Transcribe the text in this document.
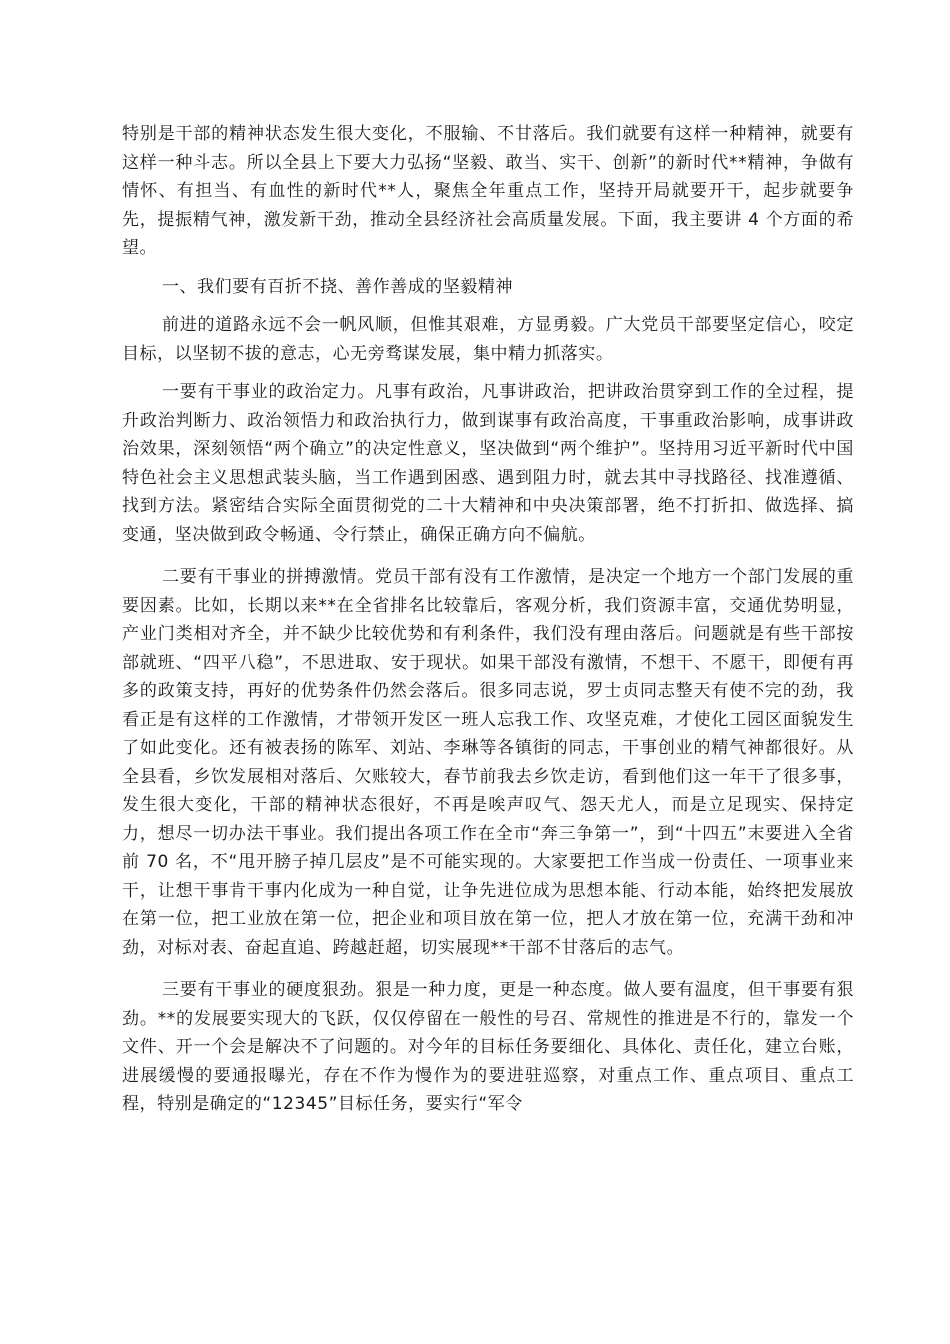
特别是干部的精神状态发生很大变化，不服输、不甘落后。我们就要有这样一种精神，就要有这样一种斗志。所以全县上下要大力弘扬“坚毅、敢当、实干、创新”的新时代**精神，争做有情怀、有担当、有血性的新时代**人，聚焦全年重点工作，坚持开局就要开干，起步就要争先，提振精气神，激发新干劲，推动全县经济社会高质量发展。下面，我主要讲 4 个方面的希望。

一、我们要有百折不挠、善作善成的坚毅精神

前进的道路永远不会一帆风顺，但惟其艰难，方显勇毅。广大党员干部要坚定信心，咬定目标，以坚韧不拔的意志，心无旁骛谋发展，集中精力抓落实。

一要有干事业的政治定力。凡事有政治，凡事讲政治，把讲政治贯穿到工作的全过程，提升政治判断力、政治领悟力和政治执行力，做到谋事有政治高度，干事重政治影响，成事讲政治效果，深刻领悟“两个确立”的决定性意义，坚决做到“两个维护”。坚持用习近平新时代中国特色社会主义思想武装头脑，当工作遇到困惑、遇到阻力时，就去其中寻找路径、找准遵循、找到方法。紧密结合实际全面贯彻党的二十大精神和中央决策部署，绝不打折扣、做选择、搞变通，坚决做到政令畅通、令行禁止，确保正确方向不偏航。

二要有干事业的拼搏激情。党员干部有没有工作激情，是决定一个地方一个部门发展的重要因素。比如，长期以来**在全省排名比较靠后，客观分析，我们资源丰富，交通优势明显，产业门类相对齐全，并不缺少比较优势和有利条件，我们没有理由落后。问题就是有些干部按部就班、“四平八稳”，不思进取、安于现状。如果干部没有激情，不想干、不愿干，即便有再多的政策支持，再好的优势条件仍然会落后。很多同志说，罗士贞同志整天有使不完的劲，我看正是有这样的工作激情，才带领开发区一班人忘我工作、攻坚克难，才使化工园区面貌发生了如此变化。还有被表扬的陈军、刘站、李琳等各镇街的同志，干事创业的精气神都很好。从全县看，乡饮发展相对落后、欠账较大，春节前我去乡饮走访，看到他们这一年干了很多事，发生很大变化，干部的精神状态很好，不再是唉声叹气、怨天尤人，而是立足现实、保持定力，想尽一切办法干事业。我们提出各项工作在全市“奔三争第一”，到“十四五”末要进入全省前 70 名，不“甩开膀子掉几层皮”是不可能实现的。大家要把工作当成一份责任、一项事业来干，让想干事肯干事内化成为一种自觉，让争先进位成为思想本能、行动本能，始终把发展放在第一位，把工业放在第一位，把企业和项目放在第一位，把人才放在第一位，充满干劲和冲劲，对标对表、奋起直追、跨越赶超，切实展现**干部不甘落后的志气。

三要有干事业的硬度狠劲。狠是一种力度，更是一种态度。做人要有温度，但干事要有狠劲。**的发展要实现大的飞跃，仅仅停留在一般性的号召、常规性的推进是不行的，靠发一个文件、开一个会是解决不了问题的。对今年的目标任务要细化、具体化、责任化，建立台账，进展缓慢的要通报曝光，存在不作为慢作为的要进驻巡察，对重点工作、重点项目、重点工程，特别是确定的“12345”目标任务，要实行“军令
